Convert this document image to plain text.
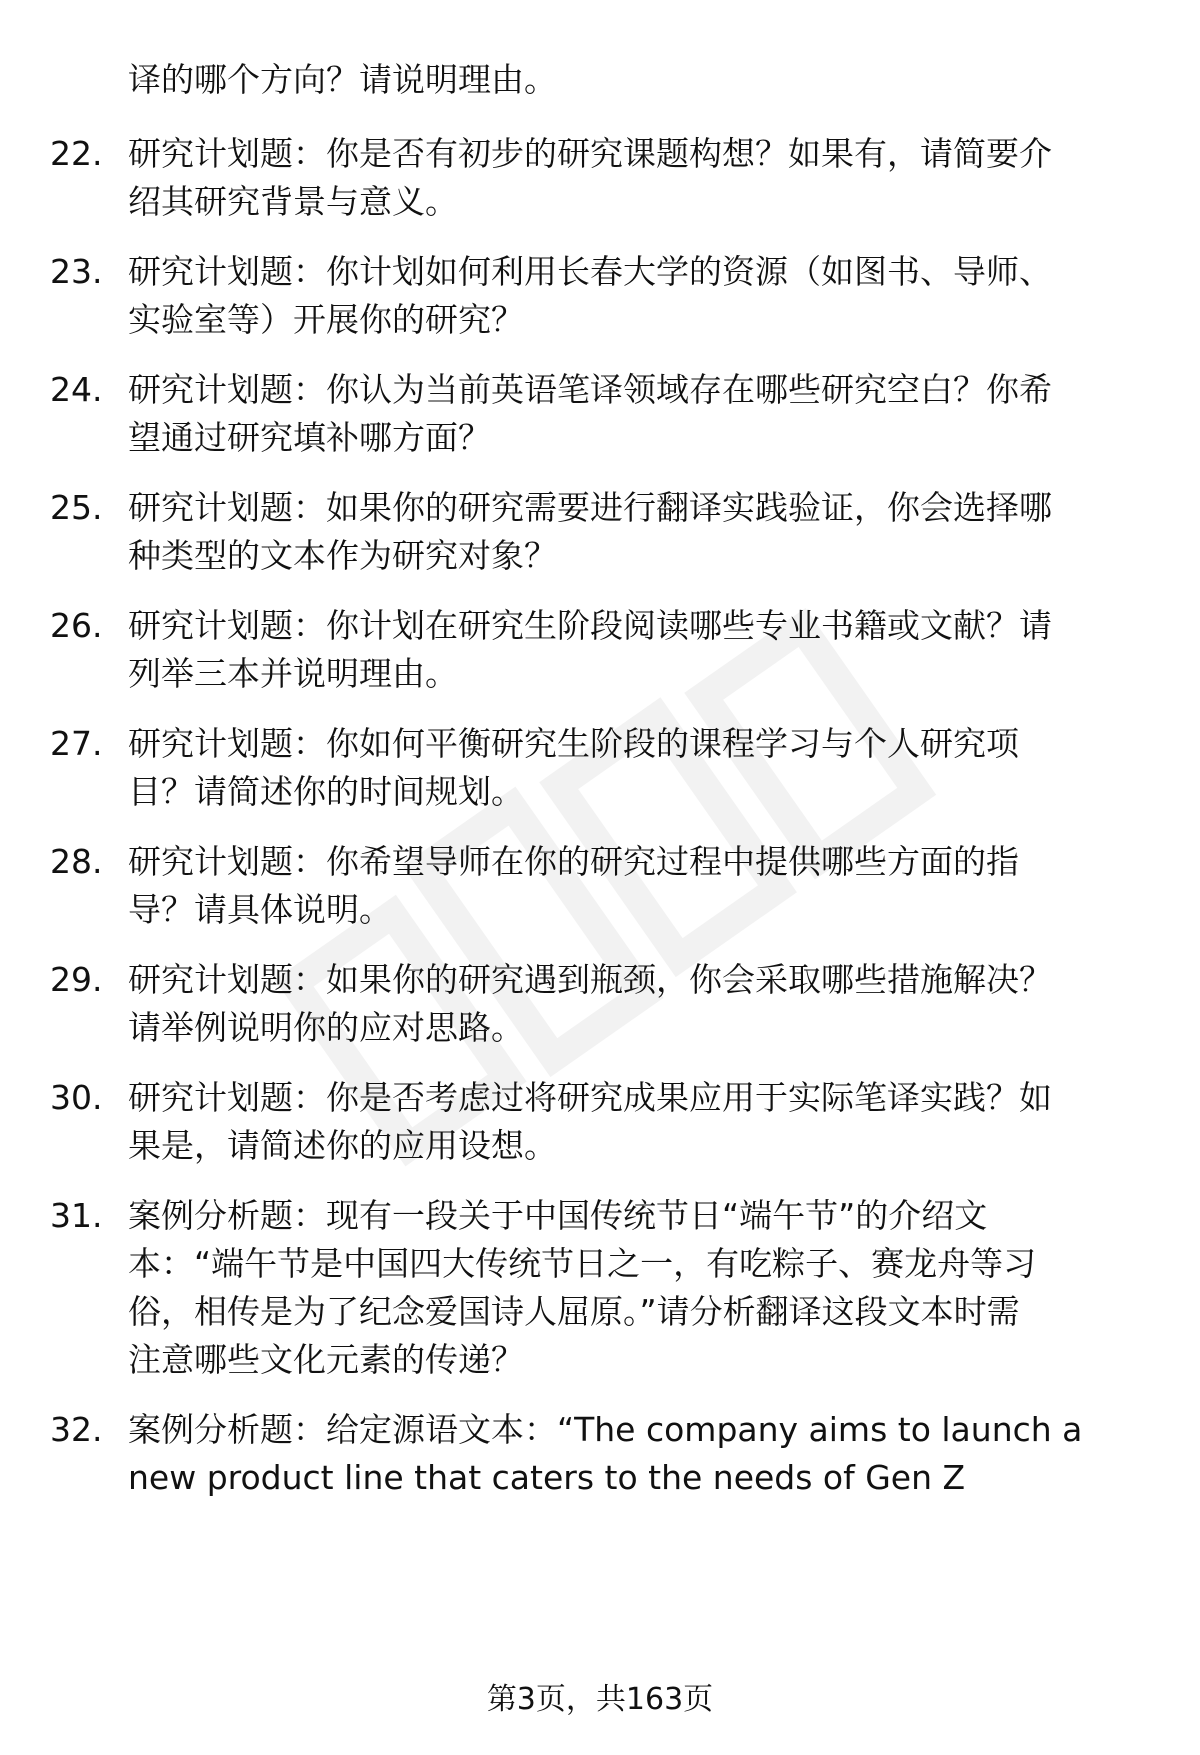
译的哪个方向？请说明理由。
22. 研究计划题：你是否有初步的研究课题构想？如果有，请简要介
绍其研究背景与意义。
23. 研究计划题：你计划如何利用长春大学的资源（如图书、导师、
实验室等）开展你的研究？
24. 研究计划题：你认为当前英语笔译领域存在哪些研究空白？你希
望通过研究填补哪方面？
25. 研究计划题：如果你的研究需要进行翻译实践验证，你会选择哪
种类型的文本作为研究对象？
26. 研究计划题：你计划在研究生阶段阅读哪些专业书籍或文献？请
列举三本并说明理由。
27. 研究计划题：你如何平衡研究生阶段的课程学习与个人研究项
目？请简述你的时间规划。
28. 研究计划题：你希望导师在你的研究过程中提供哪些方面的指
导？请具体说明。
29. 研究计划题：如果你的研究遇到瓶颈，你会采取哪些措施解决？
请举例说明你的应对思路。
30. 研究计划题：你是否考虑过将研究成果应用于实际笔译实践？如
果是，请简述你的应用设想。
31. 案例分析题：现有一段关于中国传统节日“端午节”的介绍文
本：“端午节是中国四大传统节日之一，有吃粽子、赛龙舟等习
俗，相传是为了纪念爱国诗人屈原。”请分析翻译这段文本时需
注意哪些文化元素的传递？
32. 案例分析题：给定源语文本：“The company aims to launch a
new product line that caters to the needs of Gen Z
第3页，共163页
